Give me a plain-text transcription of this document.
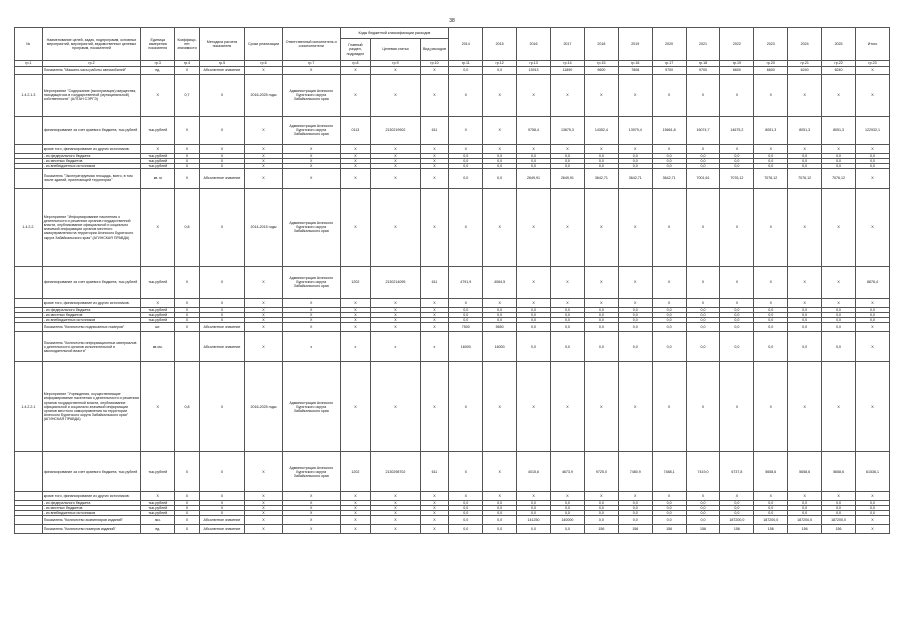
38
№	Наименование целей, задач, подпрограмм, основных мероприятий, мероприятий, ведомственных целевых программ, показателей	Единица измерения показателя	Коэффици-ент значимости	Методика расчета показателя	Сроки реализации	Ответственный исполнитель и соисполнители	Коды бюджетной классификации расходов			2014	2015	2016	2017	2018	2019	2020	2021	2022	2023	2024	2025	Итого
							Главный раздел, подраздел	Целевая статья	Вид расходов													
гр.1	гр.2	гр.3	гр.4	гр.5	гр.6	гр.7	гр.8	гр.9	гр.10	гр.11	гр.12	гр.13	гр.14	гр.15	гр.16	гр.17	гр.18	гр.19	гр.20	гр.21	гр.22	гр.23
	Показатель "Машино-часы работы автомобилей"	ед.	Х	Абсолютное значение	Х	Х	Х	Х	Х	0,0	0,0	13913	11890	9600	7808	9700	9700	6600	6600	6240	6240	Х
1.4.2.1.3	Мероприятие "Содержание (эксплуатация) имущества, находящегося в государственной (муниципальной) собственности" (АЛТАН СЭРГЭ)	Х	0,7	Х	2016-2025 годы	Администрация Агинского Бурятского округа Забайкальского края	Х	Х	Х	Х	Х	Х	Х	Х	Х	Х	Х	Х	Х	Х	Х	Х
	финансирование за счет краевого бюджета, тыс.рублей	тыс.рублей	Х	Х	Х	Администрация Агинского Бурятского округа Забайкальского края	0113	2130219902	611	Х	Х	9758,4	13875,3	14352,4	13979,4	15661,8	16074,7	14675,2	8051,3	8051,3	8051,3	122932,1
	кроме того, финансирование из других источников:	Х	Х	Х	Х	Х	Х	Х	Х	Х	Х	Х	Х	Х	Х	Х	Х	Х	Х	Х	Х	Х
	- из федерального бюджета	тыс.рублей	Х	Х	Х	Х	Х	Х	Х	0,0	0,0	0,0	0,0	0,0	0,0	0,0	0,0	0,0	0,0	0,0	0,0	0,0
	- из местных бюджетов	тыс.рублей	Х	Х	Х	Х	Х	Х	Х	0,0	0,0	0,0	0,0	0,0	0,0	0,0	0,0	0,0	0,0	0,0	0,0	0,0
	- из внебюджетных источников	тыс.рублей	Х	Х	Х	Х	Х	Х	Х	0,0	0,0	0,0	0,0	0,0	0,0	0,0	0,0	0,0	0,0	0,0	0,0	0,0
	Показатель "Эксплуатируемая площадь, всего, в том числе зданий, прилегающей территории"	кв. м	Х	Абсолютное значение	Х	Х	Х	Х	Х	0,0	0,0	2649,91	2649,91	3642,71	3642,71	3642,71	7001,61	7076,12	7076,12	7076,12	7076,12	Х
1.4.2.2.	Мероприятие "Информирование населения о деятельности и решениях органов государственной власти, опубликование официальной и социально значимой информации органов местного самоуправления на территории Агинского Бурятского округа Забайкальского края" (АГИНСКАЯ ПРАВДА)	Х	0,8	Х	2014-2015 годы	Администрация Агинского Бурятского округа Забайкальского края	Х	Х	Х	Х	Х	Х	Х	Х	Х	Х	Х	Х	Х	Х	Х	Х
	финансирование за счет краевого бюджета, тыс.рублей	тыс.рублей	Х	Х	Х	Администрация Агинского Бурятского округа Забайкальского края	1202	2130214095	611	4791,9	4084,5	Х	Х	Х	Х	Х	Х	Х	Х	Х	Х	8876,4
	кроме того, финансирование из других источников:	Х	Х	Х	Х	Х	Х	Х	Х	Х	Х	Х	Х	Х	Х	Х	Х	Х	Х	Х	Х	Х
	- из федерального бюджета	тыс.рублей	Х	Х	Х	Х	Х	Х	Х	0,0	0,0	0,0	0,0	0,0	0,0	0,0	0,0	0,0	0,0	0,0	0,0	0,0
	- из местных бюджетов	тыс.рублей	Х	Х	Х	Х	Х	Х	Х	0,0	0,0	0,0	0,0	0,0	0,0	0,0	0,0	0,0	0,0	0,0	0,0	0,0
	- из внебюджетных источников	тыс.рублей	Х	Х	Х	Х	Х	Х	Х	0,0	0,0	0,0	0,0	0,0	0,0	0,0	0,0	0,0	0,0	0,0	0,0	0,0
	Показатель "Количество подписанных номеров"	шт.	Х	Абсолютное значение	Х	Х	Х	Х	Х	7500	5650	0,0	0,0	0,0	0,0	0,0	0,0	0,0	0,0	0,0	0,0	Х
	Показатель "Количество информационных материалов о деятельности органов исполнительной и законодательной власти"	кв.см.		Абсолютное значение	Х	х	х	х	х	16000	16000	0,0	0,0	0,0	0,0	0,0	0,0	0,0	0,0	0,0	0,0	Х
1.4.2.2.1	Мероприятие "Учреждения, осуществляющие информирование населения о деятельности и решениях органов государственной власти, опубликование официальной и социально значимой информации органов местного самоуправления на территории Агинского Бурятского округа Забайкальского края" (АГИНСКАЯ ПРАВДА)	Х	0,8	Х	2016-2025 годы	Администрация Агинского Бурятского округа Забайкальского края	Х	Х	Х	Х	Х	Х	Х	Х	Х	Х	Х	Х	Х	Х	Х	Х
	финансирование за счет краевого бюджета, тыс.рублей	тыс.рублей	Х	Х	Х	Администрация Агинского Бурятского округа Забайкальского края	1202	2130298702	611	Х	Х	4015,6	4673,9	9725,0	7480,9	7488,1	7419,0	6737,8	5658,6	5658,6	5658,6	61536,1
	кроме того, финансирование из других источников:	Х	Х	Х	Х	Х	Х	Х	Х	Х	Х	Х	Х	Х	Х	Х	Х	Х	Х	Х	Х	Х
	- из федерального бюджета	тыс.рублей	Х	Х	Х	Х	Х	Х	Х	0,0	0,0	0,0	0,0	0,0	0,0	0,0	0,0	0,0	0,0	0,0	0,0	0,0
	- из местных бюджетов	тыс.рублей	Х	Х	Х	Х	Х	Х	Х	0,0	0,0	0,0	0,0	0,0	0,0	0,0	0,0	0,0	0,0	0,0	0,0	0,0
	- из внебюджетных источников	тыс.рублей	Х	Х	Х	Х	Х	Х	Х	0,0	0,0	0,0	0,0	0,0	0,0	0,0	0,0	0,0	0,0	0,0	0,0	0,0
	Показатель "Количество экземпляров изданий"	экз.	Х	Абсолютное значение	Х	Х	Х	Х	Х	0,0	0,0	141250	140000	0,0	0,0	0,0	0,0	187200,0	187200,0	187200,0	187200,0	Х
	Показатель "Количество номеров изданий"	ед.	Х	Абсолютное значение	Х	Х	Х	Х	Х	0,0	0,0	0,0	0,0	156	156	156	156	156	156	156	156	Х
